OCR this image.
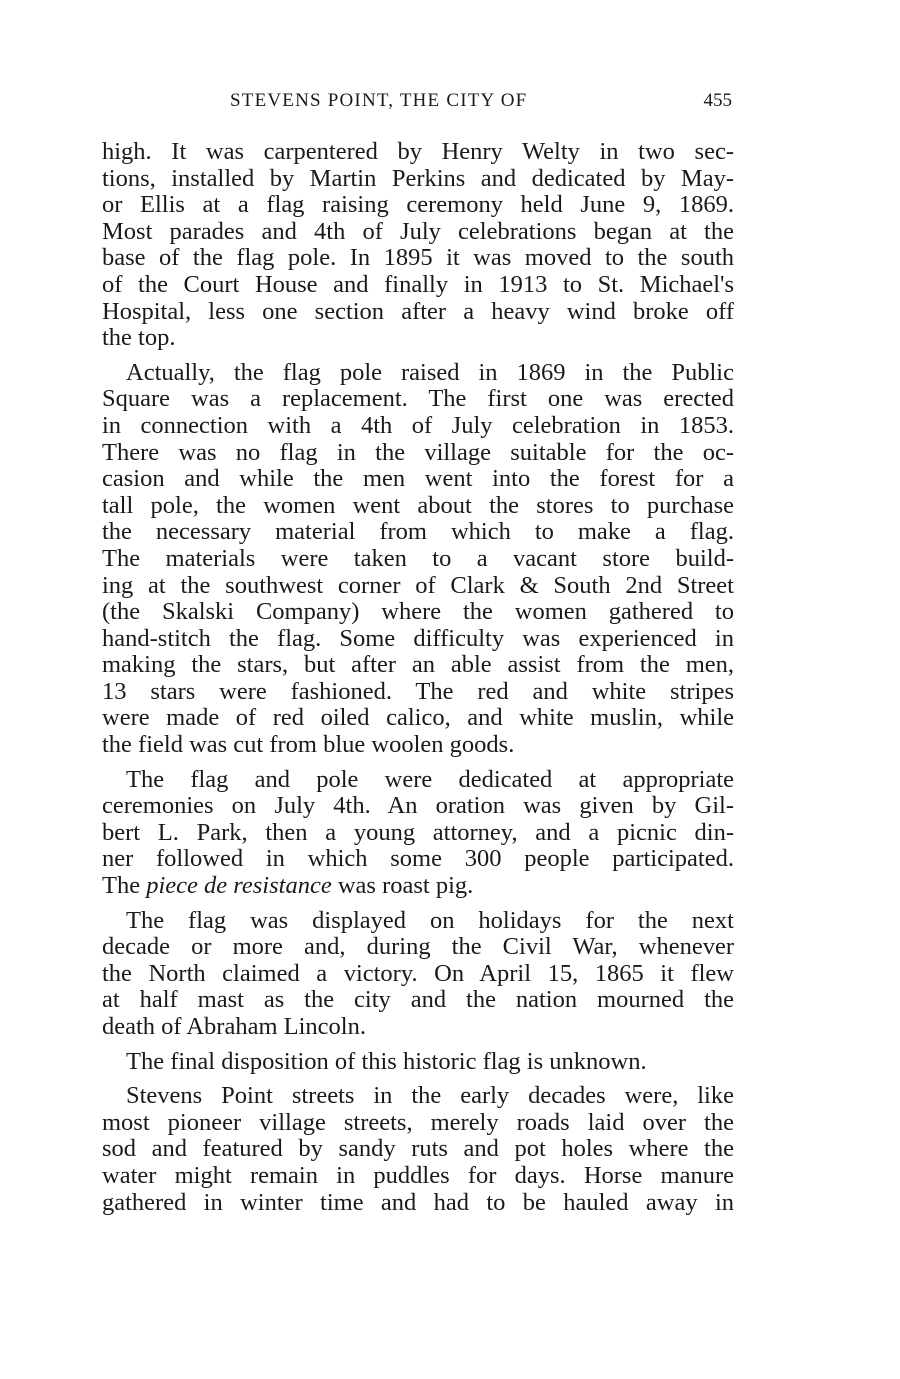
STEVENS POINT, THE CITY OF	455
high. It was carpentered by Henry Welty in two sec-
tions, installed by Martin Perkins and dedicated by May-
or Ellis at a flag raising ceremony held June 9, 1869.
Most parades and 4th of July celebrations began at the
base of the flag pole. In 1895 it was moved to the south
of the Court House and finally in 1913 to St. Michael's
Hospital, less one section after a heavy wind broke off
the top.
Actually, the flag pole raised in 1869 in the Public
Square was a replacement. The first one was erected
in connection with a 4th of July celebration in 1853.
There was no flag in the village suitable for the oc-
casion and while the men went into the forest for a
tall pole, the women went about the stores to purchase
the necessary material from which to make a flag.
The materials were taken to a vacant store build-
ing at the southwest corner of Clark & South 2nd Street
(the Skalski Company) where the women gathered to
hand-stitch the flag. Some difficulty was experienced in
making the stars, but after an able assist from the men,
13 stars were fashioned. The red and white stripes
were made of red oiled calico, and white muslin, while
the field was cut from blue woolen goods.
The flag and pole were dedicated at appropriate
ceremonies on July 4th. An oration was given by Gil-
bert L. Park, then a young attorney, and a picnic din-
ner followed in which some 300 people participated.
The piece de resistance was roast pig.
The flag was displayed on holidays for the next
decade or more and, during the Civil War, whenever
the North claimed a victory. On April 15, 1865 it flew
at half mast as the city and the nation mourned the
death of Abraham Lincoln.
The final disposition of this historic flag is unknown.
Stevens Point streets in the early decades were, like
most pioneer village streets, merely roads laid over the
sod and featured by sandy ruts and pot holes where the
water might remain in puddles for days. Horse manure
gathered in winter time and had to be hauled away in
